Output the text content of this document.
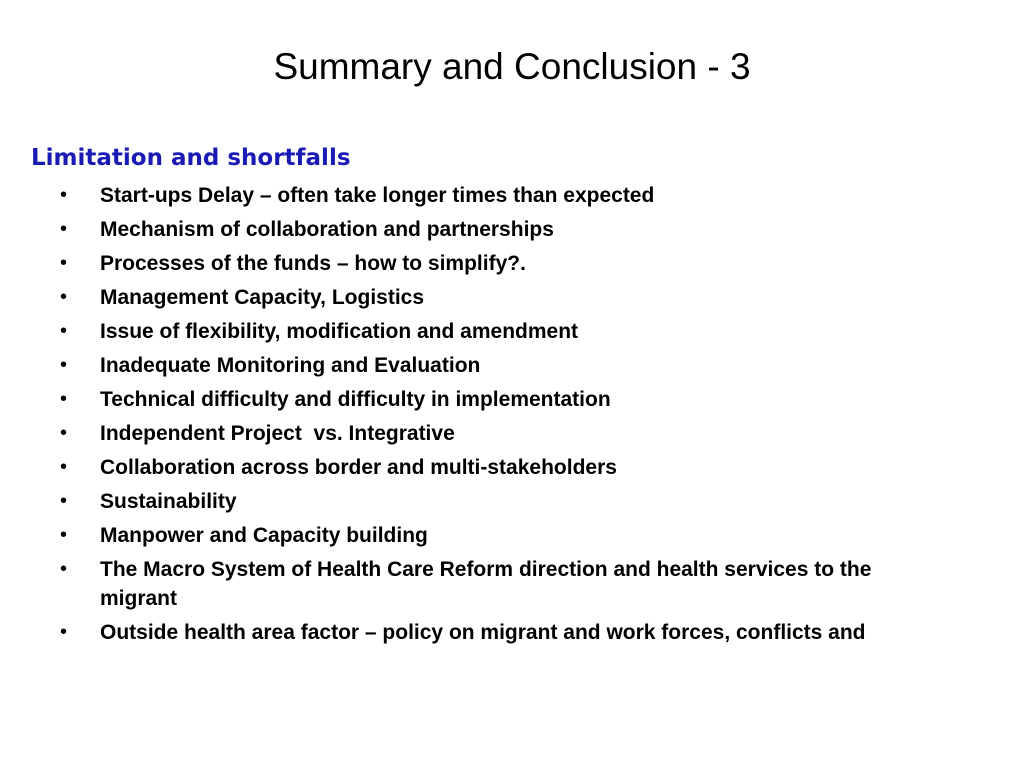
Summary and Conclusion - 3
Limitation and shortfalls
• Start-ups Delay – often take longer times than expected
• Mechanism of collaboration and partnerships
• Processes of the funds – how to simplify?.
• Management Capacity, Logistics
• Issue of flexibility, modification and amendment
• Inadequate Monitoring and Evaluation
• Technical difficulty and difficulty in implementation
• Independent Project  vs. Integrative
• Collaboration across border and multi-stakeholders
• Sustainability
• Manpower and Capacity building
• The Macro System of Health Care Reform direction and health services to the migrant
• Outside health area factor – policy on migrant and work forces, conflicts and
